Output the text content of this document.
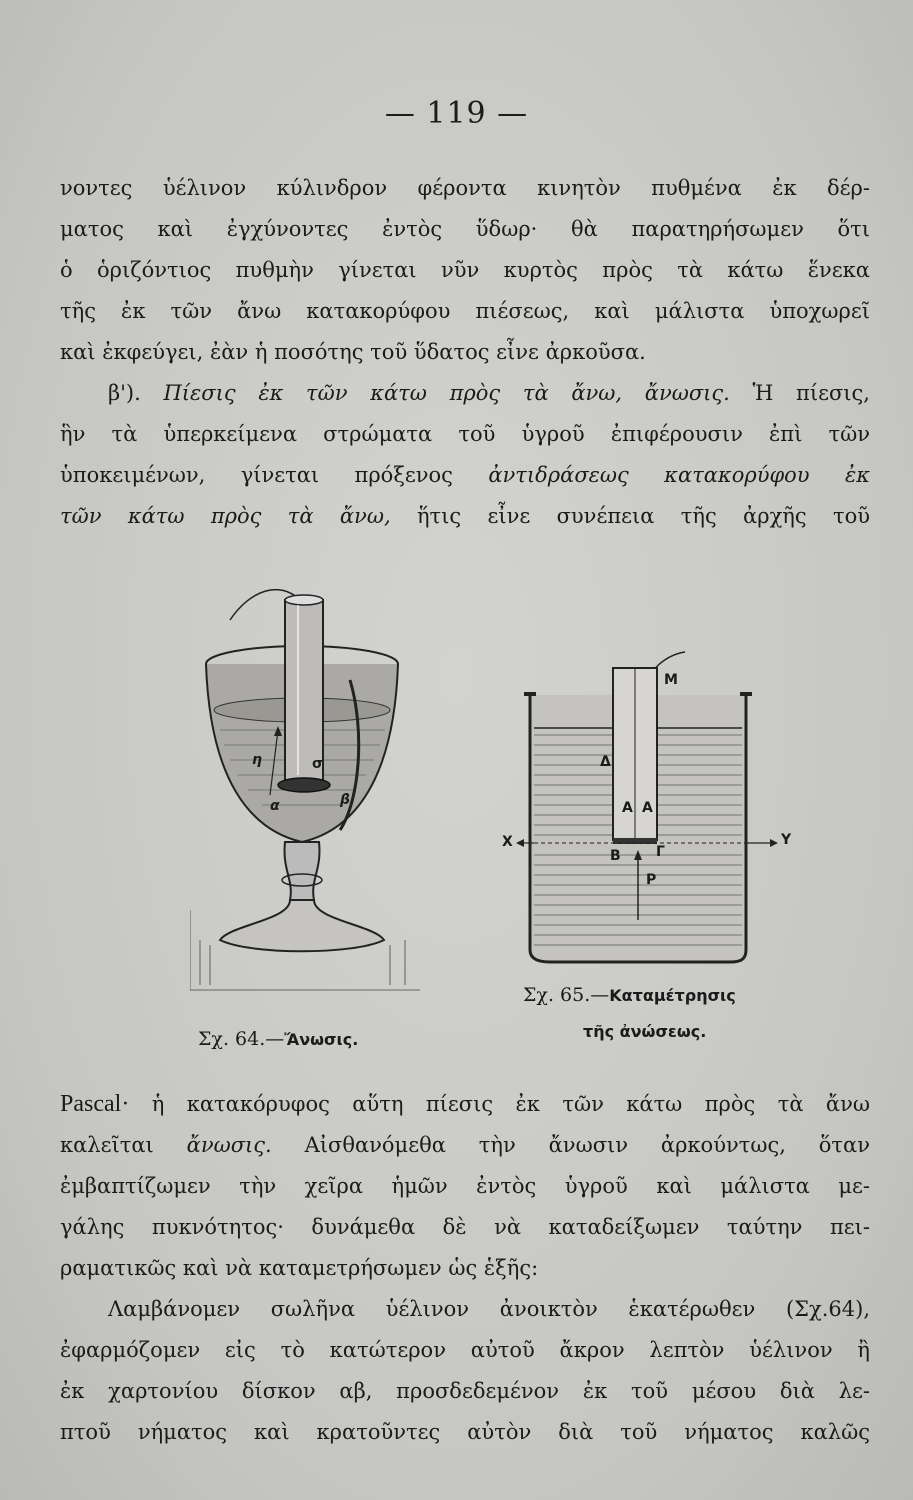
— 119 —

νοντες ὑέλινον κύλινδρον φέροντα κινητὸν πυθμένα ἐκ δέρ-
ματος καὶ ἐγχύνοντες ἐντὸς ὕδωρ· θὰ παρατηρήσωμεν ὅτι
ὁ ὁριζόντιος πυθμὴν γίνεται νῦν κυρτὸς πρὸς τὰ κάτω ἕνεκα
τῆς ἐκ τῶν ἄνω κατακορύφου πιέσεως, καὶ μάλιστα ὑποχωρεῖ
καὶ ἐκφεύγει, ἐὰν ἡ ποσότης τοῦ ὕδατος εἶνε ἀρκοῦσα.

β'). Πίεσις ἐκ τῶν κάτω πρὸς τὰ ἄνω, ἄνωσις. Ἡ πίεσις,
ἣν τὰ ὑπερκείμενα στρώματα τοῦ ὑγροῦ ἐπιφέρουσιν ἐπὶ τῶν
ὑποκειμένων, γίνεται πρόξενος ἀντιδράσεως κατακορύφου ἐκ
τῶν κάτω πρὸς τὰ ἄνω, ἥτις εἶνε συνέπεια τῆς ἀρχῆς τοῦ

η	σ
α	β
Μ
Δ
Α Α
Χ	Υ
Β	Γ
Ρ
Σχ. 64.—Ἄνωσις.
Σχ. 65.—Καταμέτρησις
τῆς ἀνώσεως.

Pascal· ἡ κατακόρυφος αὕτη πίεσις ἐκ τῶν κάτω πρὸς τὰ ἄνω
καλεῖται ἄνωσις. Αἰσθανόμεθα τὴν ἄνωσιν ἀρκούντως, ὅταν
ἐμβαπτίζωμεν τὴν χεῖρα ἡμῶν ἐντὸς ὑγροῦ καὶ μάλιστα με-
γάλης πυκνότητος· δυνάμεθα δὲ νὰ καταδείξωμεν ταύτην πει-
ραματικῶς καὶ νὰ καταμετρήσωμεν ὡς ἑξῆς:

Λαμβάνομεν σωλῆνα ὑέλινον ἀνοικτὸν ἑκατέρωθεν (Σχ.64),
ἐφαρμόζομεν εἰς τὸ κατώτερον αὐτοῦ ἄκρον λεπτὸν ὑέλινον ἢ
ἐκ χαρτονίου δίσκον αβ, προσδεδεμένον ἐκ τοῦ μέσου διὰ λε-
πτοῦ νήματος καὶ κρατοῦντες αὐτὸν διὰ τοῦ νήματος καλῶς
